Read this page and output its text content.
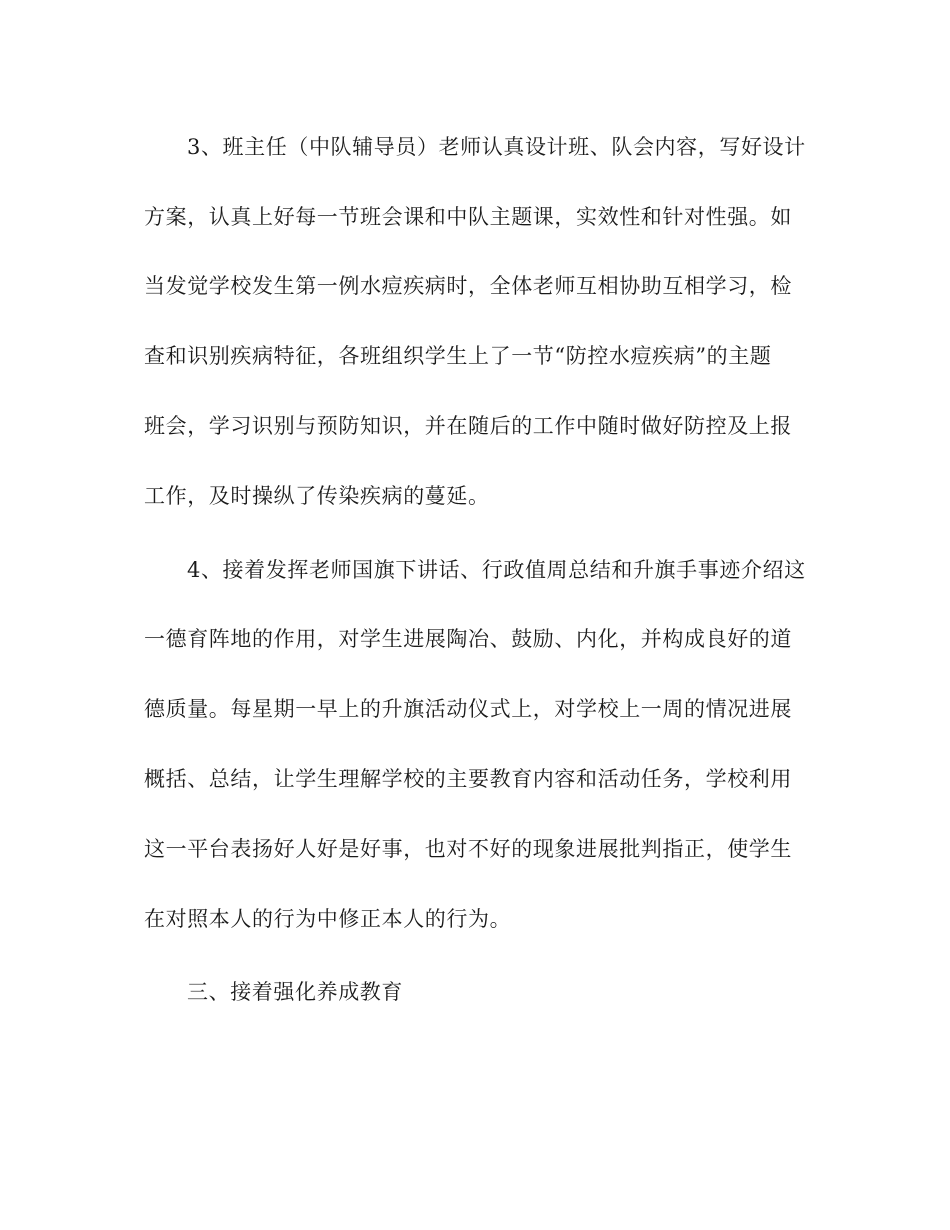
3、班主任（中队辅导员）老师认真设计班、队会内容，写好设计
方案，认真上好每一节班会课和中队主题课，实效性和针对性强。如
当发觉学校发生第一例水痘疾病时，全体老师互相协助互相学习，检
查和识别疾病特征，各班组织学生上了一节“防控水痘疾病”的主题
班会，学习识别与预防知识，并在随后的工作中随时做好防控及上报
工作，及时操纵了传染疾病的蔓延。
4、接着发挥老师国旗下讲话、行政值周总结和升旗手事迹介绍这
一德育阵地的作用，对学生进展陶冶、鼓励、内化，并构成良好的道
德质量。每星期一早上的升旗活动仪式上，对学校上一周的情况进展
概括、总结，让学生理解学校的主要教育内容和活动任务，学校利用
这一平台表扬好人好是好事，也对不好的现象进展批判指正，使学生
在对照本人的行为中修正本人的行为。
三、接着强化养成教育
